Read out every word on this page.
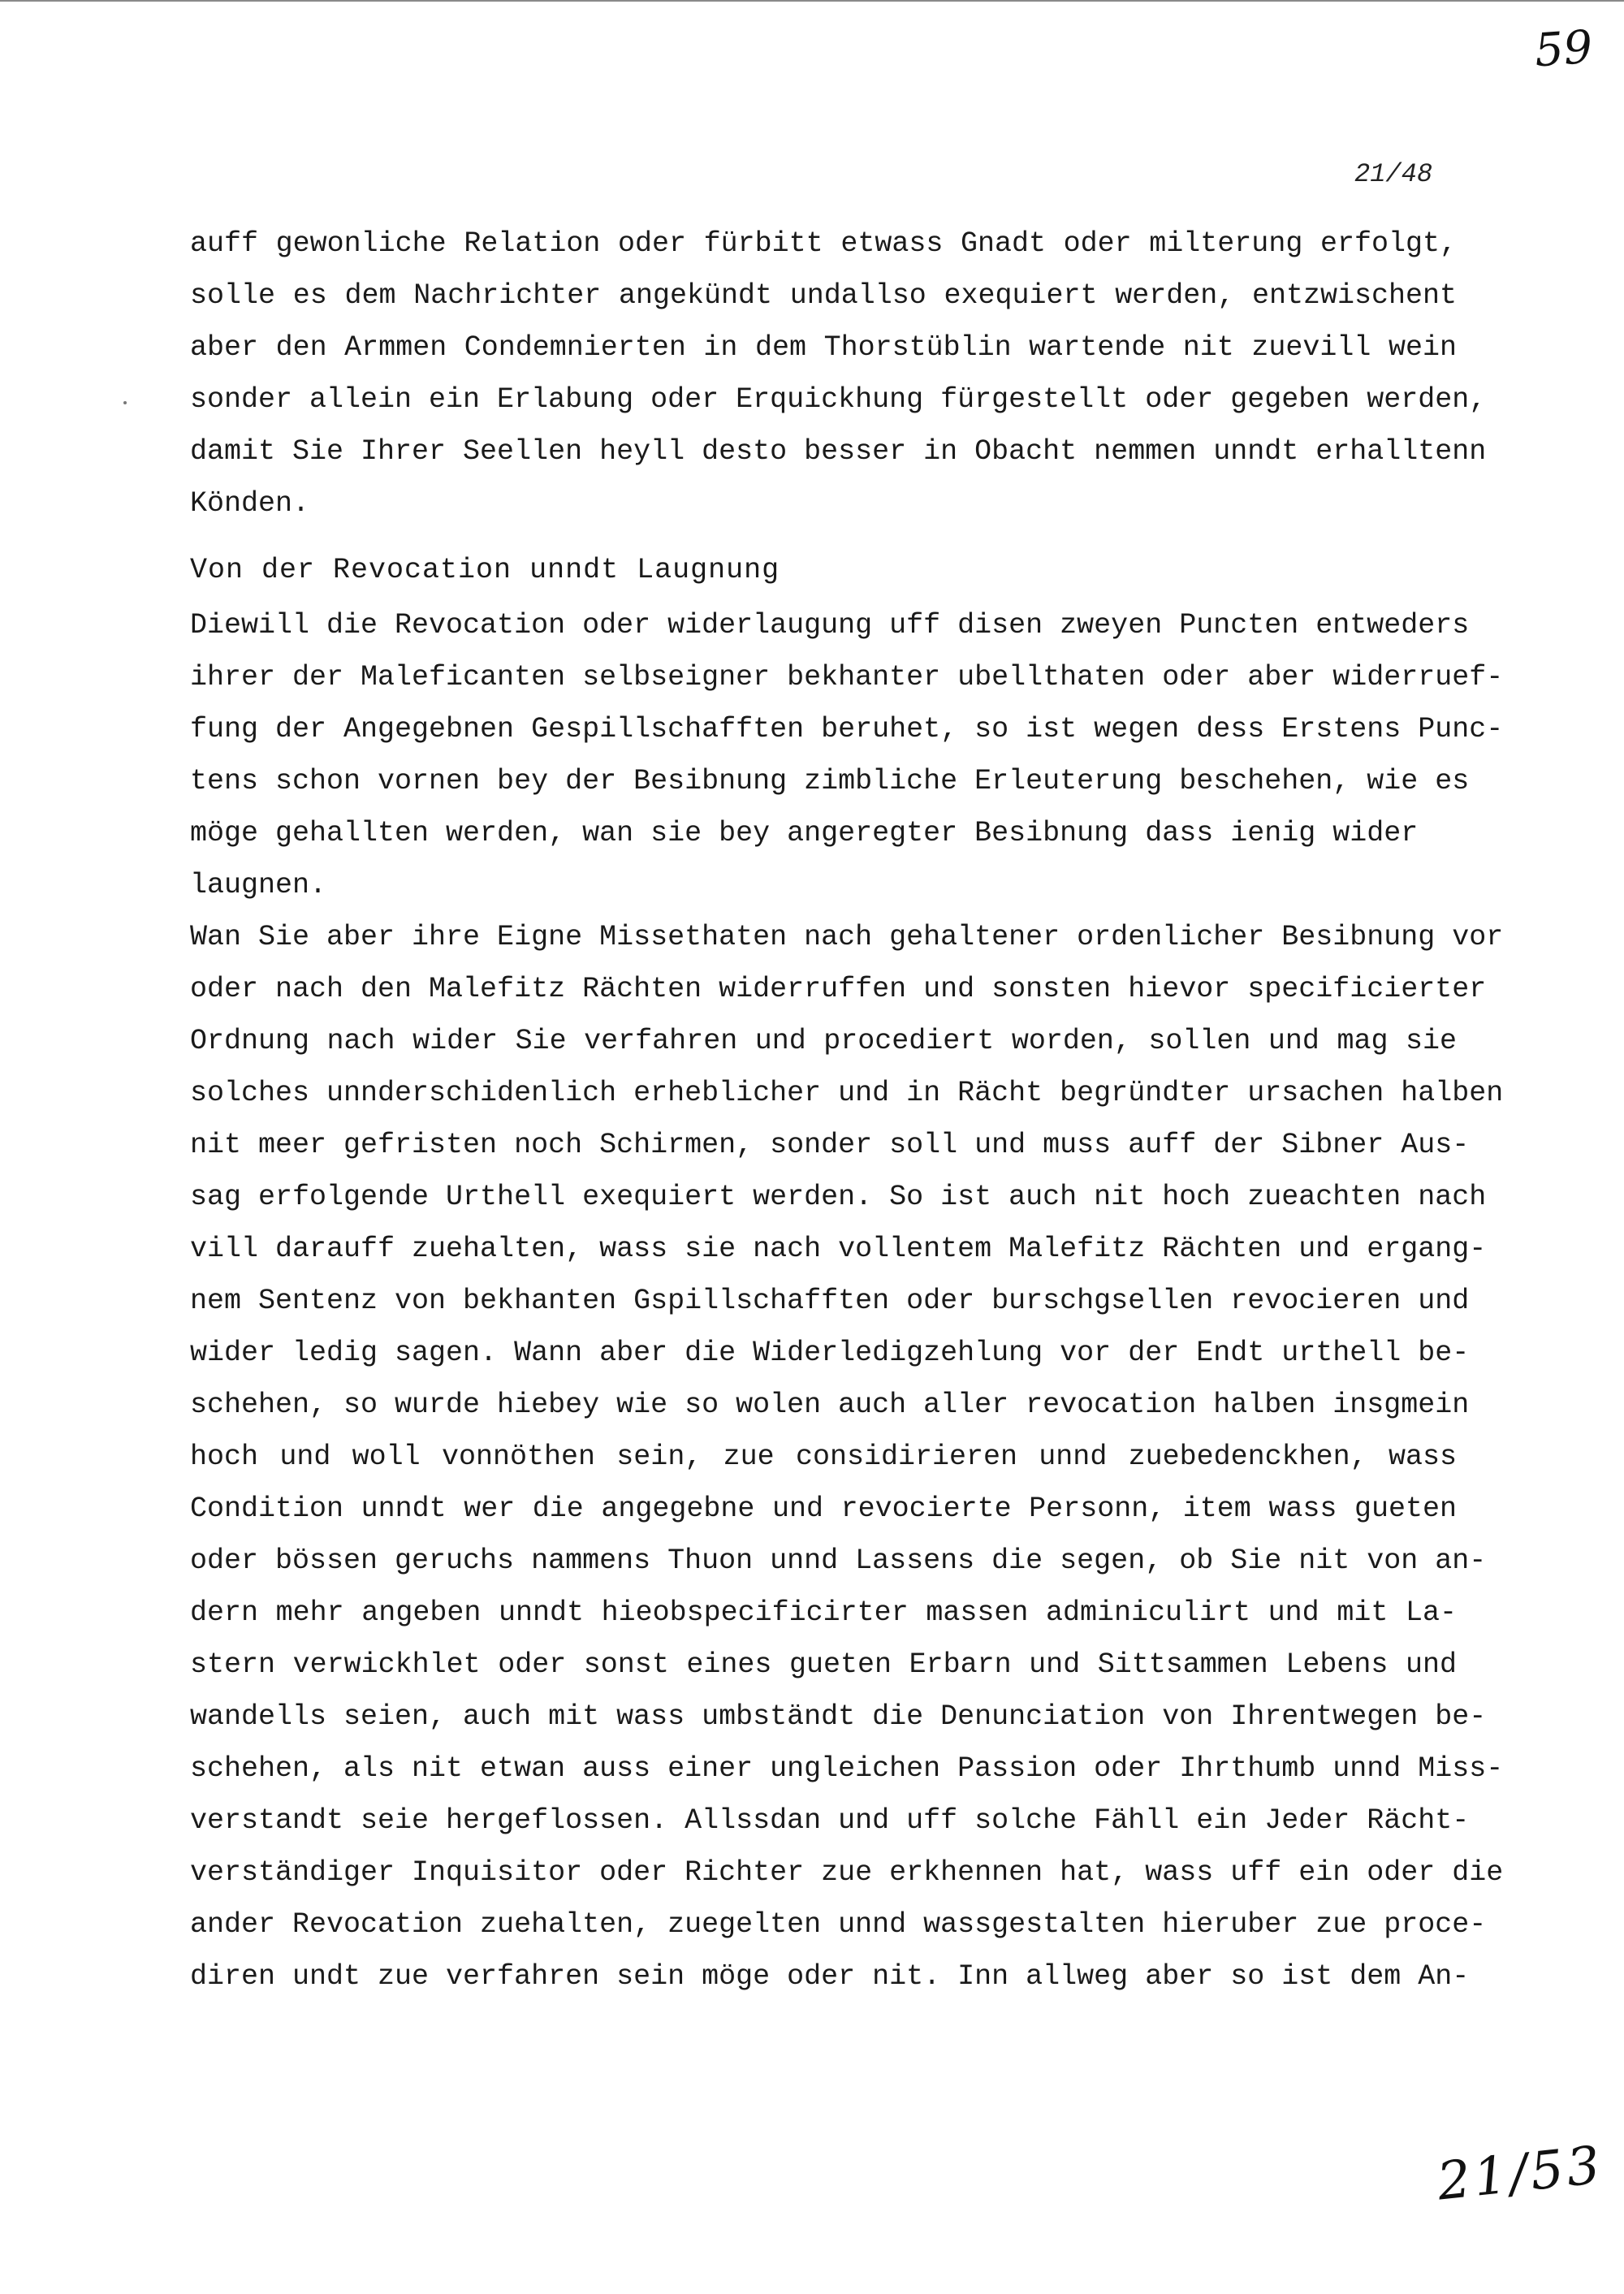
59
21/48
auff gewonliche Relation oder fürbitt etwass Gnadt oder milterung erfolgt,
solle es dem Nachrichter angekündt undallso exequiert werden, entzwischent
aber den Armmen Condemnierten in dem Thorstüblin wartende nit zuevill wein
sonder allein ein Erlabung oder Erquickhung fürgestellt oder gegeben werden,
damit Sie Ihrer Seellen heyll desto besser in Obacht nemmen unndt erhalltenn
Könden.
Von der Revocation unndt Laugnung
Diewill die Revocation oder widerlaugung uff disen zweyen Puncten entweders
ihrer der Maleficanten selbseigner bekhanter ubellthaten oder aber widerruef-
fung der Angegebnen Gespillschafften beruhet, so ist wegen dess Erstens Punc-
tens schon vornen bey der Besibnung zimbliche Erleuterung beschehen, wie es
möge gehallten werden, wan sie bey angeregter Besibnung dass ienig wider
laugnen.
Wan Sie aber ihre Eigne Missethaten nach gehaltener ordenlicher Besibnung vor
oder nach den Malefitz Rächten widerruffen und sonsten hievor specificierter
Ordnung nach wider Sie verfahren und procediert worden, sollen und mag sie
solches unnderschidenlich erheblicher und in Rächt begründter ursachen halben
nit meer gefristen noch Schirmen, sonder soll und muss auff der Sibner Aus-
sag erfolgende Urthell exequiert werden. So ist auch nit hoch zueachten nach
vill darauff zuehalten, wass sie nach vollentem Malefitz Rächten und ergang-
nem Sentenz von bekhanten Gspillschafften oder burschgsellen revocieren und
wider ledig sagen. Wann aber die Widerledigzehlung vor der Endt urthell be-
schehen, so wurde hiebey wie so wolen auch aller revocation halben insgmein
hoch und woll vonnöthen sein, zue considirieren unnd zuebedenckhen, wass
Condition unndt wer die angegebne und revocierte Personn, item wass gueten
oder bössen geruchs nammens Thuon unnd Lassens die segen, ob Sie nit von an-
dern mehr angeben unndt hieobspecificirter massen adminiculirt und mit La-
stern verwickhlet oder sonst eines gueten Erbarn und Sittsammen Lebens und
wandells seien, auch mit wass umbständt die Denunciation von Ihrentwegen be-
schehen, als nit etwan auss einer ungleichen Passion oder Ihrthumb unnd Miss-
verstandt seie hergeflossen. Allssdan und uff solche Fähll ein Jeder Rächt-
verständiger Inquisitor oder Richter zue erkhennen hat, wass uff ein oder die
ander Revocation zuehalten, zuegelten unnd wassgestalten hieruber zue proce-
diren undt zue verfahren sein möge oder nit. Inn allweg aber so ist dem An-
21/53
